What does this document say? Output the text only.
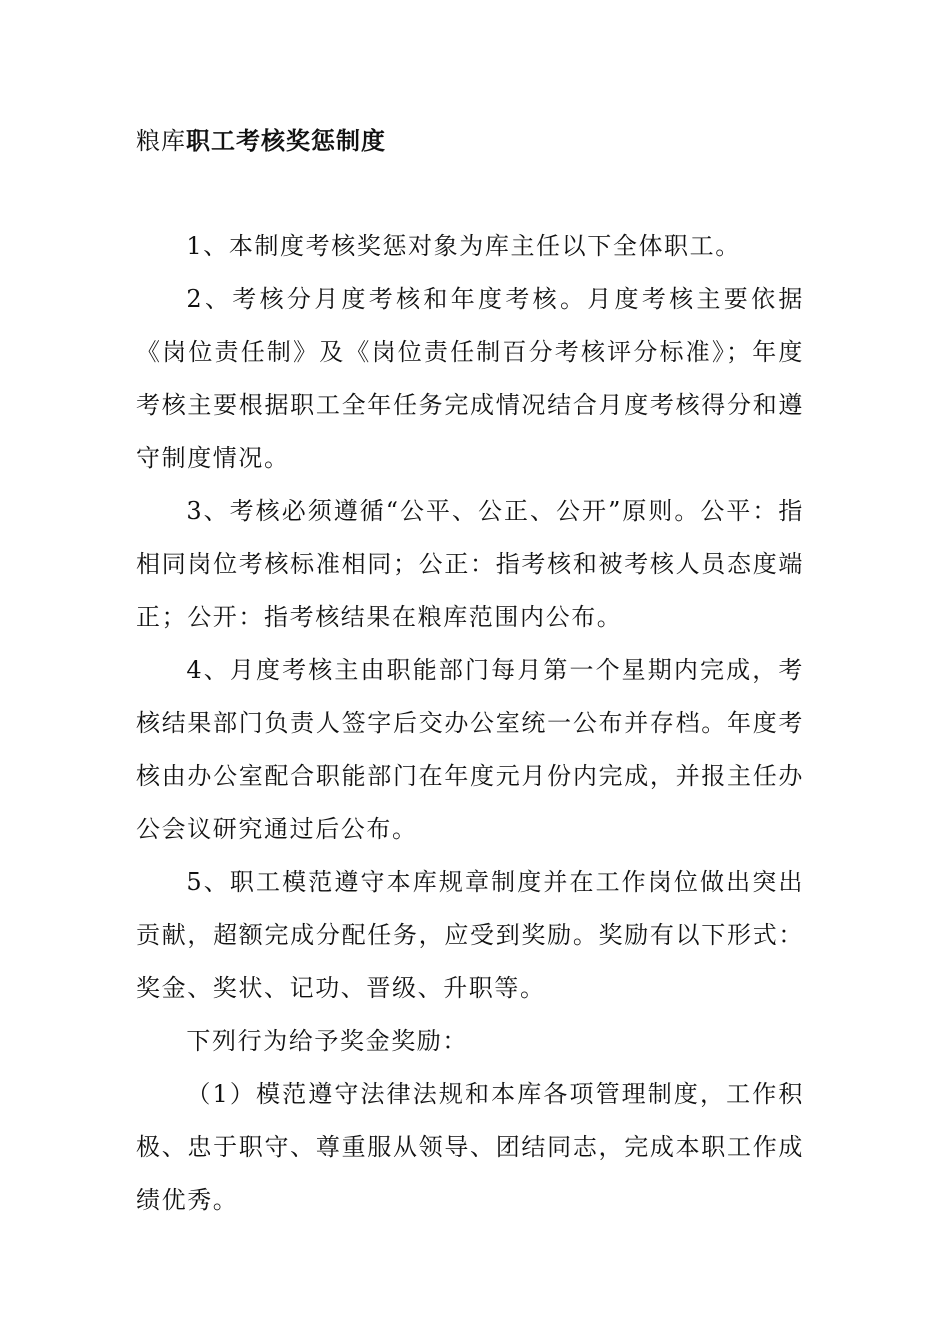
粮库职工考核奖惩制度

1、本制度考核奖惩对象为库主任以下全体职工。

2、考核分月度考核和年度考核。月度考核主要依据《岗位责任制》及《岗位责任制百分考核评分标准》；年度考核主要根据职工全年任务完成情况结合月度考核得分和遵守制度情况。

3、考核必须遵循“公平、公正、公开”原则。公平：指相同岗位考核标准相同；公正：指考核和被考核人员态度端正；公开：指考核结果在粮库范围内公布。

4、月度考核主由职能部门每月第一个星期内完成，考核结果部门负责人签字后交办公室统一公布并存档。年度考核由办公室配合职能部门在年度元月份内完成，并报主任办公会议研究通过后公布。

5、职工模范遵守本库规章制度并在工作岗位做出突出贡献，超额完成分配任务，应受到奖励。奖励有以下形式：奖金、奖状、记功、晋级、升职等。

下列行为给予奖金奖励：

（1）模范遵守法律法规和本库各项管理制度，工作积极、忠于职守、尊重服从领导、团结同志，完成本职工作成绩优秀。
